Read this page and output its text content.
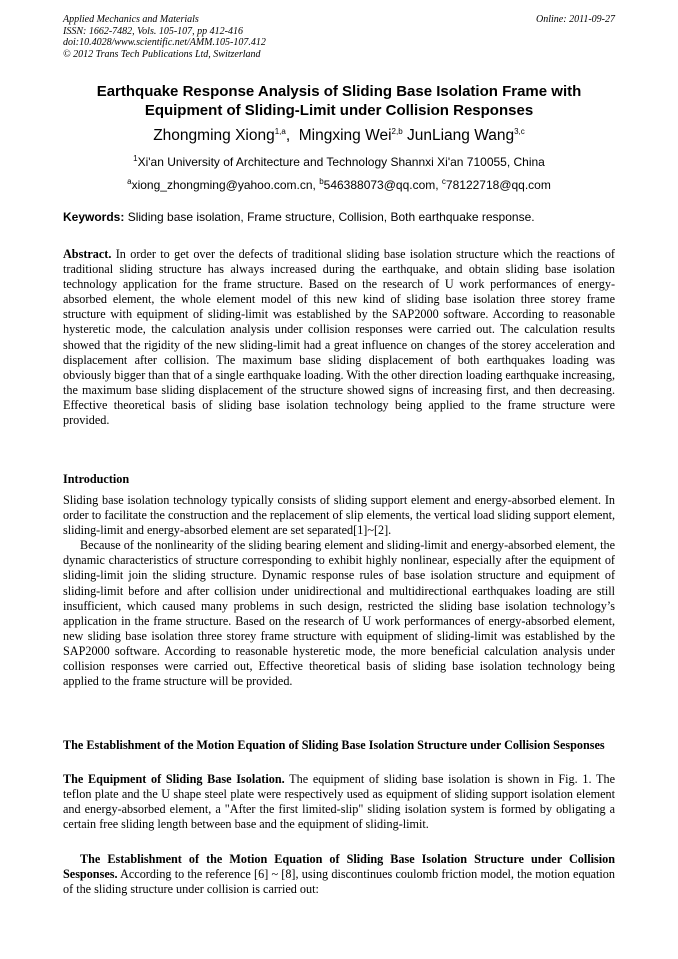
Applied Mechanics and Materials
ISSN: 1662-7482, Vols. 105-107, pp 412-416
doi:10.4028/www.scientific.net/AMM.105-107.412
© 2012 Trans Tech Publications Ltd, Switzerland
Online: 2011-09-27
Earthquake Response Analysis of Sliding Base Isolation Frame with Equipment of Sliding-Limit under Collision Responses
Zhongming Xiong$^{1,a}$,  Mingxing Wei$^{2,b}$ JunLiang Wang$^{3,c}$
$^1$Xi'an University of Architecture and Technology Shannxi Xi'an 710055, China
$^a$xiong_zhongming@yahoo.com.cn, $^b$546388073@qq.com, $^c$78122718@qq.com
Keywords: Sliding base isolation, Frame structure, Collision, Both earthquake response.

Abstract. In order to get over the defects of traditional sliding base isolation structure which the reactions of traditional sliding structure has always increased during the earthquake, and obtain sliding base isolation technology application for the frame structure. Based on the research of U work performances of energy-absorbed element, the whole element model of this new kind of sliding base isolation three storey frame structure with equipment of sliding-limit was established by the SAP2000 software. According to reasonable hysteretic mode, the calculation analysis under collision responses were carried out. The calculation results showed that the rigidity of the new sliding-limit had a great influence on changes of the storey acceleration and displacement after collision. The maximum base sliding displacement of both earthquakes loading was obviously bigger than that of a single earthquake loading. With the other direction loading earthquake increasing, the maximum base sliding displacement of the structure showed signs of increasing first, and then decreasing. Effective theoretical basis of sliding base isolation technology being applied to the frame structure were provided.

Introduction

Sliding base isolation technology typically consists of sliding support element and energy-absorbed element. In order to facilitate the construction and the replacement of slip elements, the vertical load sliding support element, sliding-limit and energy-absorbed element are set separated[1]~[2].

Because of the nonlinearity of the sliding bearing element and sliding-limit and energy-absorbed element, the dynamic characteristics of structure corresponding to exhibit highly nonlinear, especially after the equipment of sliding-limit join the sliding structure. Dynamic response rules of base isolation structure and equipment of sliding-limit before and after collision under unidirectional and multidirectional earthquakes loading are still insufficient, which caused many problems in such design, restricted the sliding base isolation technology’s application in the frame structure. Based on the research of U work performances of energy-absorbed element, new sliding base isolation three storey frame structure with equipment of sliding-limit was established by the SAP2000 software. According to reasonable hysteretic mode, the more beneficial calculation analysis under collision responses were carried out, Effective theoretical basis of sliding base isolation technology being applied to the frame structure will be provided.

The Establishment of the Motion Equation of Sliding Base Isolation Structure under Collision Sesponses

The Equipment of Sliding Base Isolation. The equipment of sliding base isolation is shown in Fig. 1. The teflon plate and the U shape steel plate were respectively used as equipment of sliding support isolation element and energy-absorbed element, a "After the first limited-slip" sliding isolation system is formed by obligating a certain free sliding length between base and the equipment of sliding-limit.

The Establishment of the Motion Equation of Sliding Base Isolation Structure under Collision Sesponses. According to the reference [6] ~ [8], using discontinues coulomb friction model, the motion equation of the sliding structure under collision is carried out:
